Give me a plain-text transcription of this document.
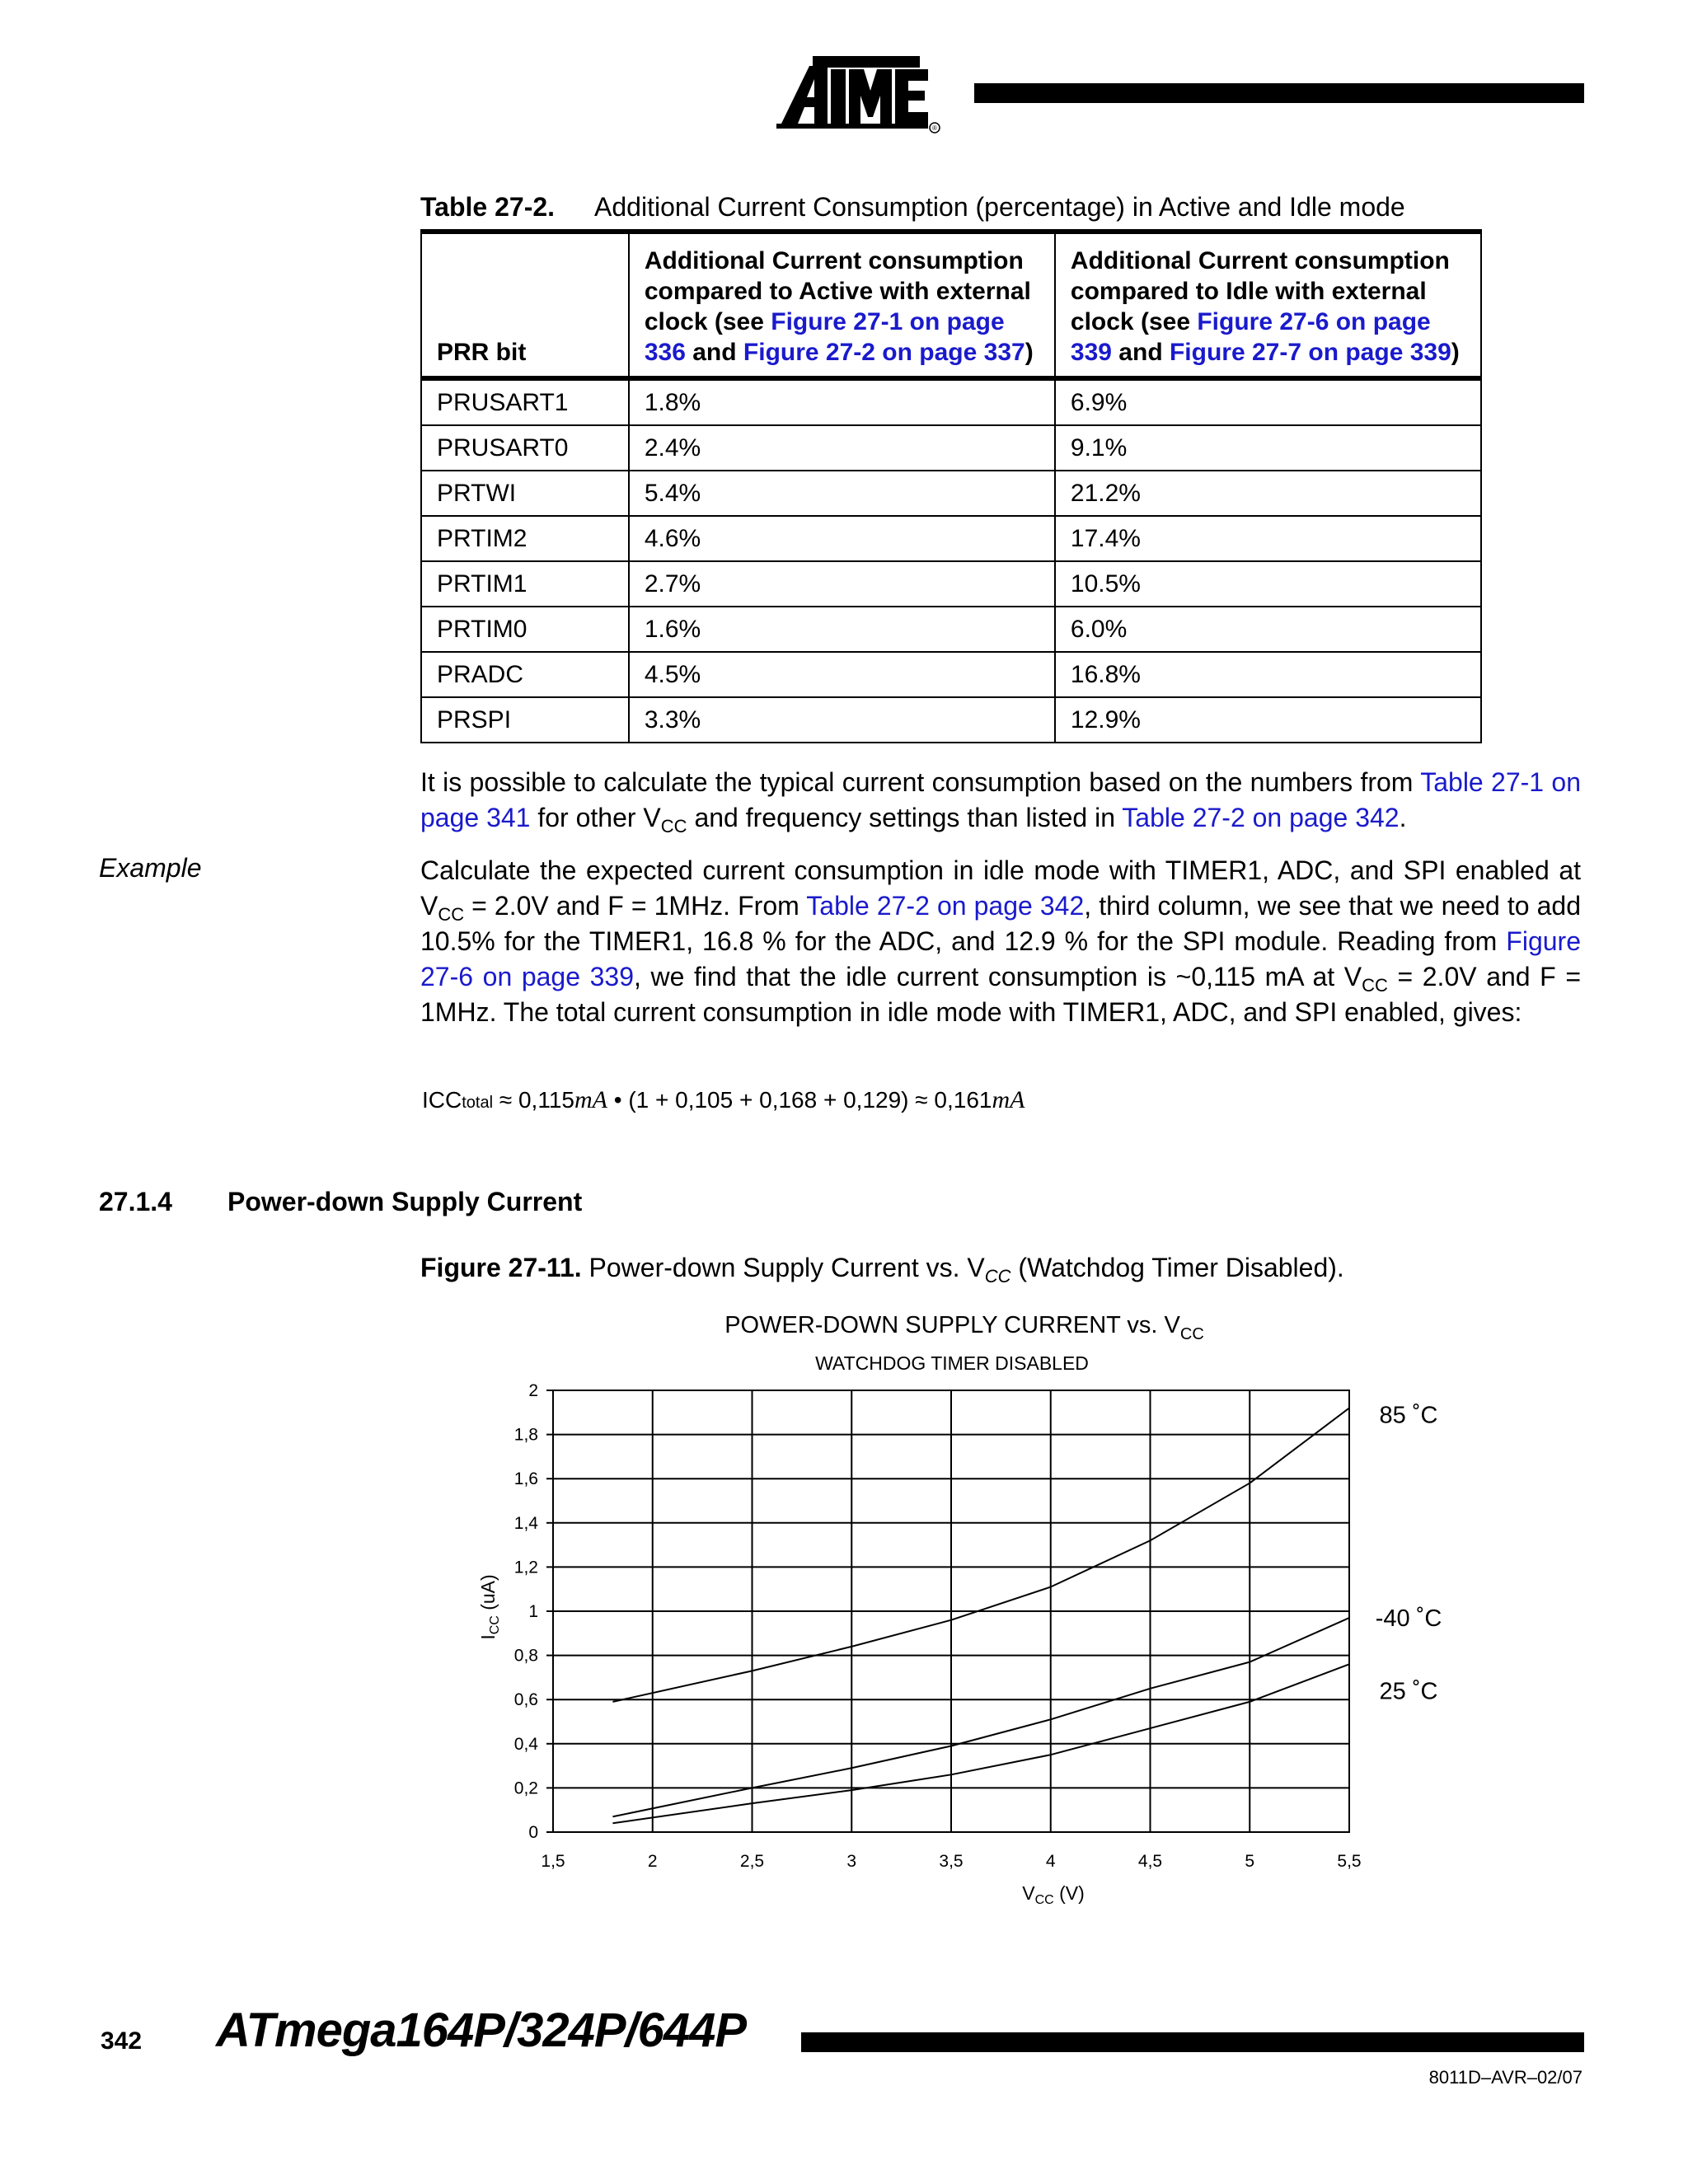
®
Table 27-2. Additional Current Consumption (percentage) in Active and Idle mode
PRR bit	Additional Current consumption compared to Active with external clock (see Figure 27-1 on page 336 and Figure 27-2 on page 337)	Additional Current consumption compared to Idle with external clock (see Figure 27-6 on page 339 and Figure 27-7 on page 339)
PRUSART1	1.8%	6.9%
PRUSART0	2.4%	9.1%
PRTWI	5.4%	21.2%
PRTIM2	4.6%	17.4%
PRTIM1	2.7%	10.5%
PRTIM0	1.6%	6.0%
PRADC	4.5%	16.8%
PRSPI	3.3%	12.9%
It is possible to calculate the typical current consumption based on the numbers from Table 27-1 on page 341 for other $V_{CC}$ and frequency settings than listed in Table 27-2 on page 342.
Example	Calculate the expected current consumption in idle mode with TIMER1, ADC, and SPI enabled at $V_{CC} = 2.0V$ and F = 1MHz. From Table 27-2 on page 342, third column, we see that we need to add 10.5% for the TIMER1, 16.8 % for the ADC, and 12.9 % for the SPI module. Reading from Figure 27-6 on page 339, we find that the idle current consumption is ~0,115 mA at $V_{CC} = 2.0V$ and F = 1MHz. The total current consumption in idle mode with TIMER1, ADC, and SPI enabled, gives:
ICCtotal ≈ 0,115mA • (1 + 0,105 + 0,168 + 0,129) ≈ 0,161mA
27.1.4 Power-down Supply Current
Figure 27-11. Power-down Supply Current vs. $V_{CC}$ (Watchdog Timer Disabled).
POWER-DOWN SUPPLY CURRENT vs. $V_{CC}$
WATCHDOG TIMER DISABLED
1,5	2	2,5	3	3,5	4	4,5	5	5,5
0
0,2
0,4
0,6
0,8
1
1,2
1,4
1,6
1,8
2
85 ˚C
-40 ˚C
25 ˚C
$V_{CC}$ (V)
$I_{CC}$ (uA)
342 ATmega164P/324P/644P
8011D–AVR–02/07
